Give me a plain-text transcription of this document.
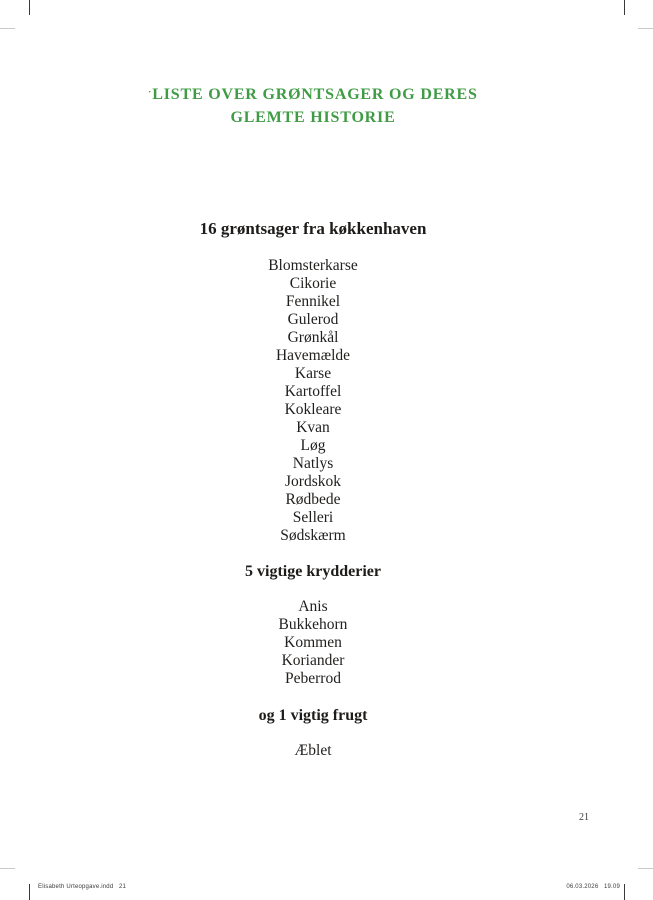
·LISTE OVER GRØNTSAGER OG DERES
GLEMTE HISTORIE
16 grøntsager fra køkkenhaven
Blomsterkarse
Cikorie
Fennikel
Gulerod
Grønkål
Havemælde
Karse
Kartoffel
Kokleare
Kvan
Løg
Natlys
Jordskok
Rødbede
Selleri
Sødskærm
5 vigtige krydderier
Anis
Bukkehorn
Kommen
Koriander
Peberrod
og 1 vigtig frugt
Æblet
21
Elisabeth Urteopgave.indd   21	06.03.2026   19.09
